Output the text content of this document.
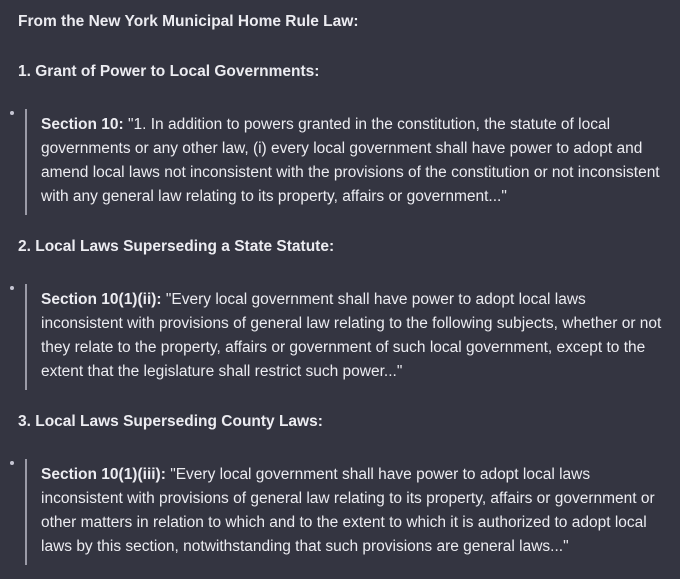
From the New York Municipal Home Rule Law:

1. Grant of Power to Local Governments:

Section 10: "1. In addition to powers granted in the constitution, the statute of local governments or any other law, (i) every local government shall have power to adopt and amend local laws not inconsistent with the provisions of the constitution or not inconsistent with any general law relating to its property, affairs or government..."

2. Local Laws Superseding a State Statute:

Section 10(1)(ii): "Every local government shall have power to adopt local laws inconsistent with provisions of general law relating to the following subjects, whether or not they relate to the property, affairs or government of such local government, except to the extent that the legislature shall restrict such power..."

3. Local Laws Superseding County Laws:

Section 10(1)(iii): "Every local government shall have power to adopt local laws inconsistent with provisions of general law relating to its property, affairs or government or other matters in relation to which and to the extent to which it is authorized to adopt local laws by this section, notwithstanding that such provisions are general laws..."
